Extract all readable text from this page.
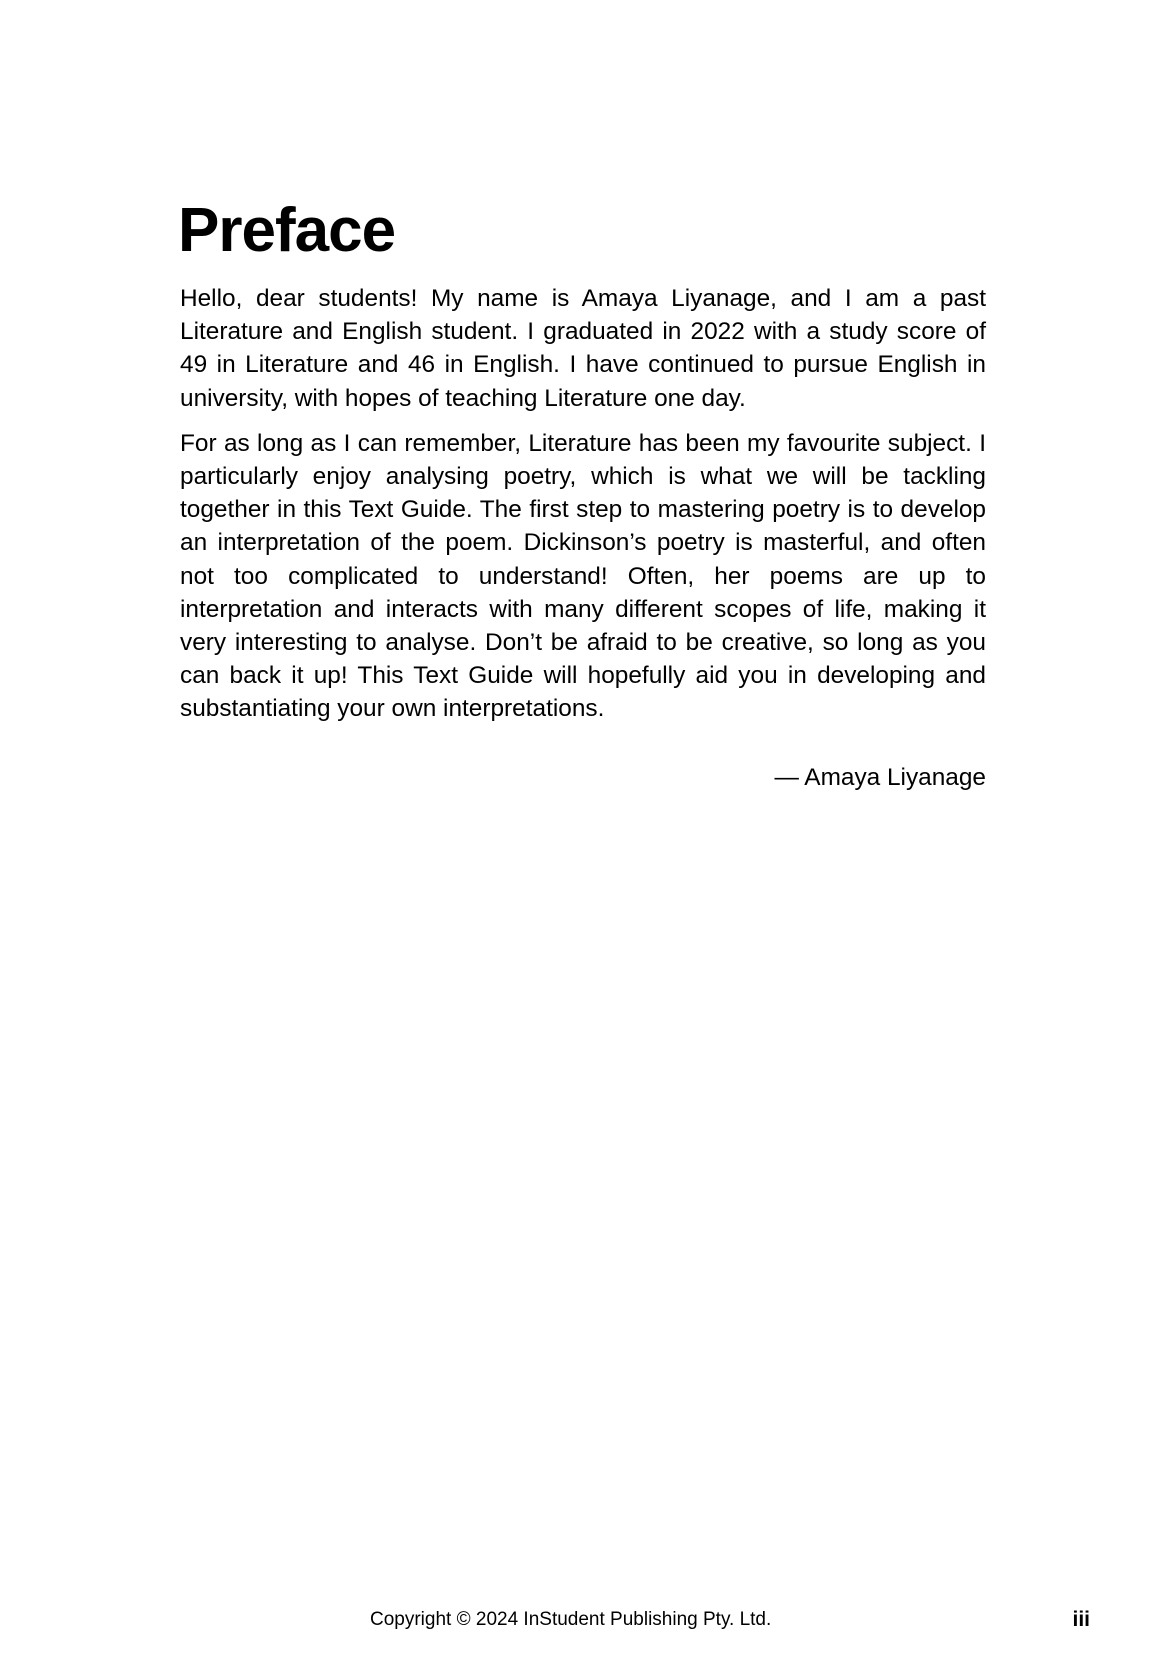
Preface

Hello, dear students! My name is Amaya Liyanage, and I am a past Literature and English student. I graduated in 2022 with a study score of 49 in Literature and 46 in English. I have continued to pursue English in university, with hopes of teaching Literature one day.

For as long as I can remember, Literature has been my favourite subject. I particularly enjoy analysing poetry, which is what we will be tackling together in this Text Guide. The first step to mastering poetry is to develop an interpretation of the poem. Dickinson’s poetry is masterful, and often not too complicated to understand! Often, her poems are up to interpretation and interacts with many different scopes of life, making it very interesting to analyse. Don’t be afraid to be creative, so long as you can back it up! This Text Guide will hopefully aid you in developing and substantiating your own interpretations.

— Amaya Liyanage
Copyright © 2024 InStudent Publishing Pty. Ltd.	iii
